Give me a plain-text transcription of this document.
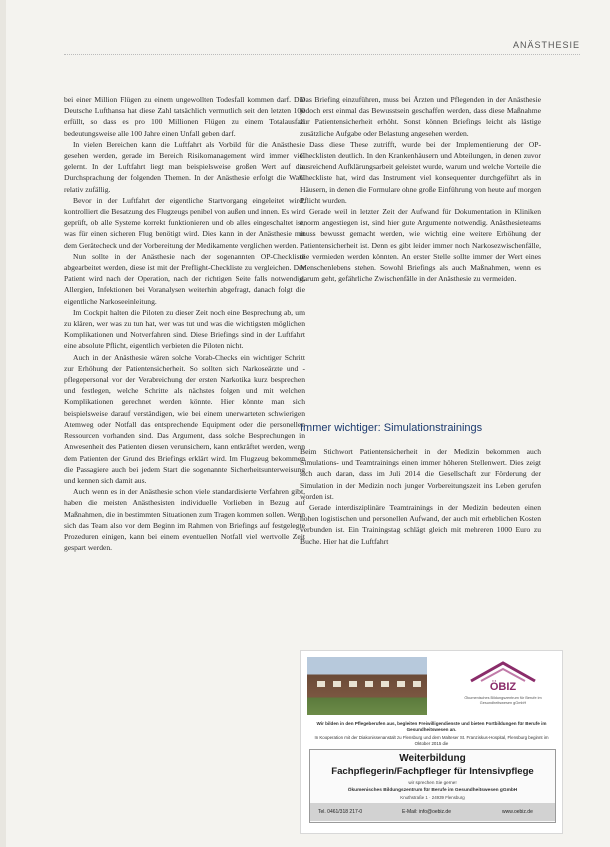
ANÄSTHESIE

bei einer Million Flügen zu einem ungewollten Todesfall kommen darf. Die Deutsche Lufthansa hat diese Zahl tatsächlich vermutlich seit den letzten 100 erfüllt, so dass es pro 100 Millionen Flügen zu einem Totalausfall bedeutungsweise alle 100 Jahre einen Unfall geben darf.

In vielen Bereichen kann die Luftfahrt als Vorbild für die Anästhesie gesehen werden, gerade im Bereich Risikomanagement wird immer viel gelernt. In der Luftfahrt liegt man beispielsweise großen Wert auf die Durchsprachung der folgenden Themen. In der Anästhesie erfolgt die Wahl relativ zufällig.

Bevor in der Luftfahrt der eigentliche Startvorgang eingeleitet wird, kontrolliert die Besatzung des Flugzeugs penibel von außen und innen. Es wird geprüft, ob alle Systeme korrekt funktionieren und ob alles eingeschaltet ist, was für einen sicheren Flug benötigt wird. Dies kann in der Anästhesie mit dem Gerätecheck und der Vorbereitung der Medikamente verglichen werden.

Nun sollte in der Anästhesie nach der sogenannten OP-Checkliste abgearbeitet werden, diese ist mit der Preflight-Checkliste zu vergleichen. Der Patient wird nach der Operation, nach der richtigen Seite falls notwendig, Allergien, Infektionen bei Voranalysen weiterhin abgefragt, danach folgt die eigentliche Narkoseeinleitung.

Im Cockpit halten die Piloten zu dieser Zeit noch eine Besprechung ab, um zu klären, wer was zu tun hat, wer was tut und was die wichtigsten möglichen Komplikationen und Notverfahren sind. Diese Briefings sind in der Luftfahrt eine absolute Pflicht, eigentlich verbieten die Piloten nicht.

Auch in der Anästhesie wären solche Vorab-Checks ein wichtiger Schritt zur Erhöhung der Patientensicherheit. So sollten sich Narkoseärzte und -pflegepersonal vor der Verabreichung der ersten Narkotika kurz besprechen und festlegen, welche Schritte als nächstes folgen und mit welchen Komplikationen gerechnet werden könnte. Hier könnte man sich beispielsweise darauf verständigen, wie bei einem unerwarteten schwierigen Atemweg oder Notfall das entsprechende Equipment oder die personellen Ressourcen vorhanden sind. Das Argument, dass solche Besprechungen in Anwesenheit des Patienten diesen verunsichern, kann entkräftet werden, wenn dem Patienten der Grund des Briefings erklärt wird. Im Flugzeug bekommen die Passagiere auch bei jedem Start die sogenannte Sicherheitsunterweisung und kennen sich damit aus.

Auch wenn es in der Anästhesie schon viele standardisierte Verfahren gibt, haben die meisten Anästhesisten individuelle Vorlieben in Bezug auf Maßnahmen, die in bestimmten Situationen zum Tragen kommen sollen. Wenn sich das Team also vor dem Beginn im Rahmen von Briefings auf festgelegte Prozeduren einigen, kann bei einem eventuellen Notfall viel wertvolle Zeit gespart werden.

Das Briefing einzuführen, muss bei Ärzten und Pflegenden in der Anästhesie jedoch erst einmal das Bewusstsein geschaffen werden, dass diese Maßnahme zur Patientensicherheit erhöht. Sonst können Briefings leicht als lästige zusätzliche Aufgabe oder Belastung angesehen werden.

Dass diese These zutrifft, wurde bei der Implementierung der OP-Checklisten deutlich. In den Krankenhäusern und Abteilungen, in denen zuvor ausreichend Aufklärungsarbeit geleistet wurde, warum und welche Vorteile die Checkliste hat, wird das Instrument viel konsequenter durchgeführt als in Häusern, in denen die Formulare ohne große Einführung von heute auf morgen Pflicht wurden.

Gerade weil in letzter Zeit der Aufwand für Dokumentation in Kliniken enorm angestiegen ist, sind hier gute Argumente notwendig. Anästhesieteams muss bewusst gemacht werden, wie wichtig eine weitere Erhöhung der Patientensicherheit ist. Denn es gibt leider immer noch Narkosezwischenfälle, die vermieden werden könnten. An erster Stelle sollte immer der Wert eines Menschenlebens stehen. Sowohl Briefings als auch Maßnahmen, wenn es darum geht, gefährliche Zwischenfälle in der Anästhesie zu vermeiden.

Immer wichtiger: Simulationstrainings

Beim Stichwort Patientensicherheit in der Medizin bekommen auch Simulations- und Teamtrainings einen immer höheren Stellenwert. Dies zeigt sich auch daran, dass im Juli 2014 die Gesellschaft zur Förderung der Simulation in der Medizin noch junger Vorbereitungszeit ins Leben gerufen worden ist.

Gerade interdisziplinäre Teamtrainings in der Medizin bedeuten einen hohen logistischen und personellen Aufwand, der auch mit erheblichen Kosten verbunden ist. Ein Trainingstag schlägt gleich mit mehreren 1000 Euro zu Buche. Hier hat die Luftfahrt

ÖBIZ
Ökumenisches Bildungszentrum für Berufe im Gesundheitswesen gGmbH
Wir bilden in den Pflegeberufen aus, begleiten Freiwilligendienste und bieten Fortbildungen für Berufe im Gesundheitswesen an.
In Kooperation mit der Diakonissenanstalt zu Flensburg und dem Malteser St. Franziskus-Hospital, Flensburg beginnt im Oktober 2015 die
Weiterbildung
Fachpflegerin/Fachpfleger für Intensivpflege
wir sprechen Sie gerne!
Ökumenisches Bildungszentrum für Berufe im Gesundheitswesen gGmbH
Knuthstraße 1 · 24939 Flensburg
Tel. 0461/318 217-0	E-Mail: info@oebiz.de	www.oebiz.de
